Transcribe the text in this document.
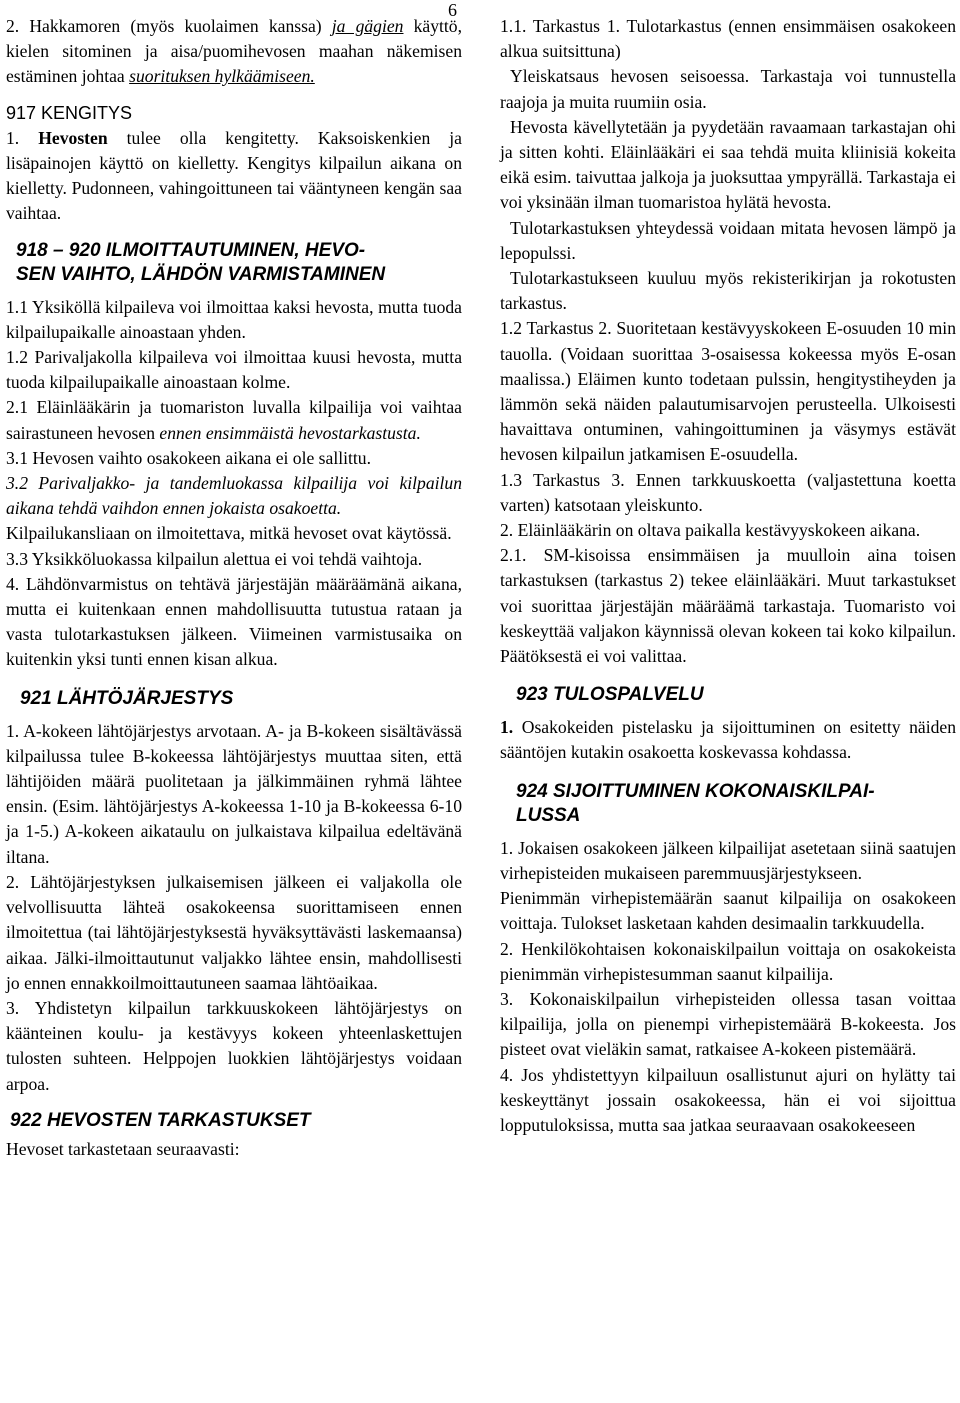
6

2. Hakkamoren (myös kuolaimen kanssa) ja gägien käyttö, kielen sitominen ja aisa/puomihevosen maahan näkemisen estäminen johtaa suorituksen hylkäämiseen.

917 KENGITYS

1. Hevosten tulee olla kengitetty. Kaksoiskenkien ja lisäpainojen käyttö on kielletty. Kengitys kilpailun aikana on kielletty. Pudonneen, vahingoittuneen tai vääntyneen kengän saa vaihtaa.

918 – 920 ILMOITTAUTUMINEN, HEVO-
SEN VAIHTO, LÄHDÖN VARMISTAMINEN

1.1 Yksiköllä kilpaileva voi ilmoittaa kaksi hevosta, mutta tuoda kilpailupaikalle ainoastaan yhden.

1.2 Parivaljakolla kilpaileva voi ilmoittaa kuusi hevosta, mutta tuoda kilpailupaikalle ainoastaan kolme.

2.1 Eläinlääkärin ja tuomariston luvalla kilpailija voi vaihtaa sairastuneen hevosen ennen ensimmäistä hevostarkastusta.

3.1 Hevosen vaihto osakokeen aikana ei ole sallittu.

3.2 Parivaljakko- ja tandemluokassa kilpailija voi kilpailun aikana tehdä vaihdon ennen jokaista osakoetta.

Kilpailukansliaan on ilmoitettava, mitkä hevoset ovat käytössä.

3.3 Yksikköluokassa kilpailun alettua ei voi tehdä vaihtoja.

4. Lähdönvarmistus on tehtävä järjestäjän määräämänä aikana, mutta ei kuitenkaan ennen mahdollisuutta tutustua rataan ja vasta tulotarkastuksen jälkeen. Viimeinen varmistusaika on kuitenkin yksi tunti ennen kisan alkua.

921 LÄHTÖJÄRJESTYS

1. A-kokeen lähtöjärjestys arvotaan. A- ja B-kokeen sisältävässä kilpailussa tulee B-kokeessa lähtöjärjestys muuttaa siten, että lähtijöiden määrä puolitetaan ja jälkimmäinen ryhmä lähtee ensin. (Esim. lähtöjärjestys A-kokeessa 1-10 ja B-kokeessa 6-10 ja 1-5.) A-kokeen aikataulu on julkaistava kilpailua edeltävänä iltana.

2. Lähtöjärjestyksen julkaisemisen jälkeen ei valjakolla ole velvollisuutta lähteä osakokeensa suorittamiseen ennen ilmoitettua (tai lähtöjärjestyksestä hyväksyttävästi laskemaansa) aikaa. Jälki-ilmoittautunut valjakko lähtee ensin, mahdollisesti jo ennen ennakkoilmoittautuneen saamaa lähtöaikaa.

3. Yhdistetyn kilpailun tarkkuuskokeen lähtöjärjestys on käänteinen koulu- ja kestävyys kokeen yhteenlaskettujen tulosten suhteen. Helppojen luokkien lähtöjärjestys voidaan arpoa.

922 HEVOSTEN TARKASTUKSET

Hevoset tarkastetaan seuraavasti:

1.1. Tarkastus 1. Tulotarkastus (ennen ensimmäisen osakokeen alkua suitsittuna)

Yleiskatsaus hevosen seisoessa. Tarkastaja voi tunnustella raajoja ja muita ruumiin osia.

Hevosta kävellytetään ja pyydetään ravaamaan tarkastajan ohi ja sitten kohti. Eläinlääkäri ei saa tehdä muita kliinisiä kokeita eikä esim. taivuttaa jalkoja ja juoksuttaa ympyrällä. Tarkastaja ei voi yksinään ilman tuomaristoa hylätä hevosta.

Tulotarkastuksen yhteydessä voidaan mitata hevosen lämpö ja lepopulssi.

Tulotarkastukseen kuuluu myös rekisterikirjan ja rokotusten tarkastus.

1.2 Tarkastus 2. Suoritetaan kestävyyskokeen E-osuuden 10 min tauolla. (Voidaan suorittaa 3-osaisessa kokeessa myös E-osan maalissa.) Eläimen kunto todetaan pulssin, hengitystiheyden ja lämmön sekä näiden palautumisarvojen perusteella. Ulkoisesti havaittava ontuminen, vahingoittuminen ja väsymys estävät hevosen kilpailun jatkamisen E-osuudella.

1.3 Tarkastus 3. Ennen tarkkuuskoetta (valjastettuna koetta varten) katsotaan yleiskunto.

2. Eläinlääkärin on oltava paikalla kestävyyskokeen aikana.

2.1. SM-kisoissa ensimmäisen ja muulloin aina toisen tarkastuksen (tarkastus 2) tekee eläinlääkäri. Muut tarkastukset voi suorittaa järjestäjän määräämä tarkastaja. Tuomaristo voi keskeyttää valjakon käynnissä olevan kokeen tai koko kilpailun. Päätöksestä ei voi valittaa.

923 TULOSPALVELU

1. Osakokeiden pistelasku ja sijoittuminen on esitetty näiden sääntöjen kutakin osakoetta koskevassa kohdassa.

924 SIJOITTUMINEN KOKONAISKILPAI-
LUSSA

1. Jokaisen osakokeen jälkeen kilpailijat asetetaan siinä saatujen virhepisteiden mukaiseen paremmuusjärjestykseen.

Pienimmän virhepistemäärän saanut kilpailija on osakokeen voittaja. Tulokset lasketaan kahden desimaalin tarkkuudella.

2. Henkilökohtaisen kokonaiskilpailun voittaja on osakokeista pienimmän virhepistesumman saanut kilpailija.

3. Kokonaiskilpailun virhepisteiden ollessa tasan voittaa kilpailija, jolla on pienempi virhepistemäärä B-kokeesta. Jos pisteet ovat vieläkin samat, ratkaisee A-kokeen pistemäärä.

4. Jos yhdistettyyn kilpailuun osallistunut ajuri on hylätty tai keskeyttänyt jossain osakokeessa, hän ei voi sijoittua lopputuloksissa, mutta saa jatkaa seuraavaan osakokeeseen
